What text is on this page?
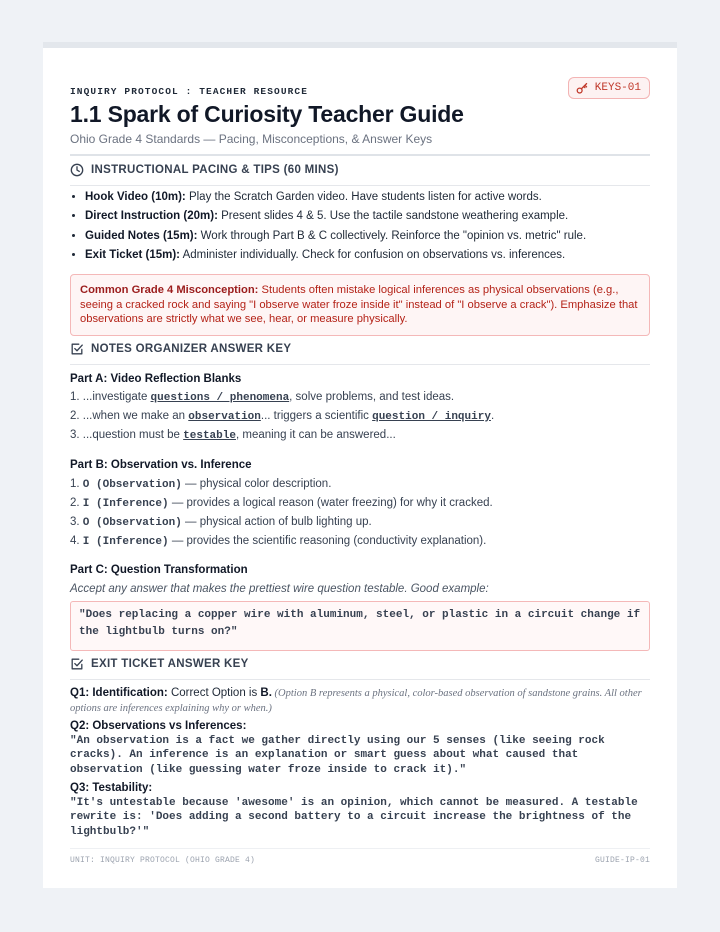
INQUIRY PROTOCOL : TEACHER RESOURCE	KEYS-01
1.1 Spark of Curiosity Teacher Guide
Ohio Grade 4 Standards — Pacing, Misconceptions, & Answer Keys
INSTRUCTIONAL PACING & TIPS (60 MINS)
• Hook Video (10m): Play the Scratch Garden video. Have students listen for active words.
• Direct Instruction (20m): Present slides 4 & 5. Use the tactile sandstone weathering example.
• Guided Notes (15m): Work through Part B & C collectively. Reinforce the "opinion vs. metric" rule.
• Exit Ticket (15m): Administer individually. Check for confusion on observations vs. inferences.
Common Grade 4 Misconception: Students often mistake logical inferences as physical observations (e.g., seeing a cracked rock and saying "I observe water froze inside it" instead of "I observe a crack"). Emphasize that observations are strictly what we see, hear, or measure physically.
NOTES ORGANIZER ANSWER KEY
Part A: Video Reflection Blanks
1. ...investigate questions / phenomena, solve problems, and test ideas.
2. ...when we make an observation... triggers a scientific question / inquiry.
3. ...question must be testable, meaning it can be answered...
Part B: Observation vs. Inference
1. O (Observation) — physical color description.
2. I (Inference) — provides a logical reason (water freezing) for why it cracked.
3. O (Observation) — physical action of bulb lighting up.
4. I (Inference) — provides the scientific reasoning (conductivity explanation).
Part C: Question Transformation
Accept any answer that makes the prettiest wire question testable. Good example:
"Does replacing a copper wire with aluminum, steel, or plastic in a circuit change if the lightbulb turns on?"
EXIT TICKET ANSWER KEY
Q1: Identification: Correct Option is B. (Option B represents a physical, color-based observation of sandstone grains. All other options are inferences explaining why or when.)
Q2: Observations vs Inferences:
"An observation is a fact we gather directly using our 5 senses (like seeing rock cracks). An inference is an explanation or smart guess about what caused that observation (like guessing water froze inside to crack it)."
Q3: Testability:
"It's untestable because 'awesome' is an opinion, which cannot be measured. A testable rewrite is: 'Does adding a second battery to a circuit increase the brightness of the lightbulb?'"
UNIT: INQUIRY PROTOCOL (OHIO GRADE 4)	GUIDE-IP-01
